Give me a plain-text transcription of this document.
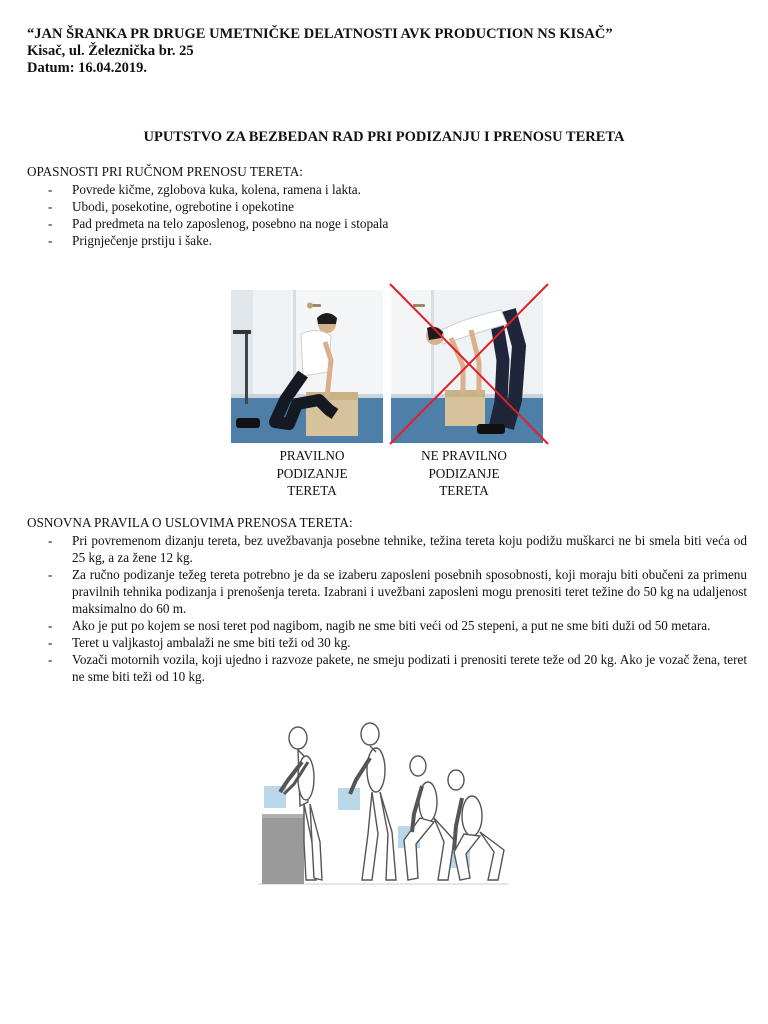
“JAN ŠRANKA PR DRUGE UMETNIČKE DELATNOSTI AVK PRODUCTION NS KISAČ”
Kisač, ul. Železnička br. 25
Datum: 16.04.2019.
UPUTSTVO ZA BEZBEDAN RAD PRI PODIZANJU I PRENOSU TERETA
OPASNOSTI PRI RUČNOM PRENOSU TERETA:
- Povrede kičme, zglobova kuka, kolena, ramena i lakta.
- Ubodi, posekotine, ogrebotine i opekotine
- Pad predmeta na telo zaposlenog, posebno na noge i stopala
- Prignječenje prstiju i šake.
PRAVILNO
PODIZANJE
TERETA
NE PRAVILNO
PODIZANJE
TERETA
OSNOVNA PRAVILA O USLOVIMA PRENOSA TERETA:
- Pri povremenom dizanju tereta, bez uvežbavanja posebne tehnike, težina tereta koju podižu muškarci ne bi smela biti veća od 25 kg, a za žene 12 kg.
- Za ručno podizanje težeg tereta potrebno je da se izaberu zaposleni posebnih sposobnosti, koji moraju biti obučeni za primenu pravilnih tehnika podizanja i prenošenja tereta. Izabrani i uvežbani zaposleni mogu prenositi teret težine do 50 kg na udaljenost maksimalno do 60 m.
- Ako je put po kojem se nosi teret pod nagibom, nagib ne sme biti veći od 25 stepeni, a put ne sme biti duži od 50 metara.
- Teret u valjkastoj ambalaži ne sme biti teži od 30 kg.
- Vozači motornih vozila, koji ujedno i razvoze pakete, ne smeju podizati i prenositi terete teže od 20 kg. Ako je vozač žena, teret ne sme biti teži od 10 kg.
